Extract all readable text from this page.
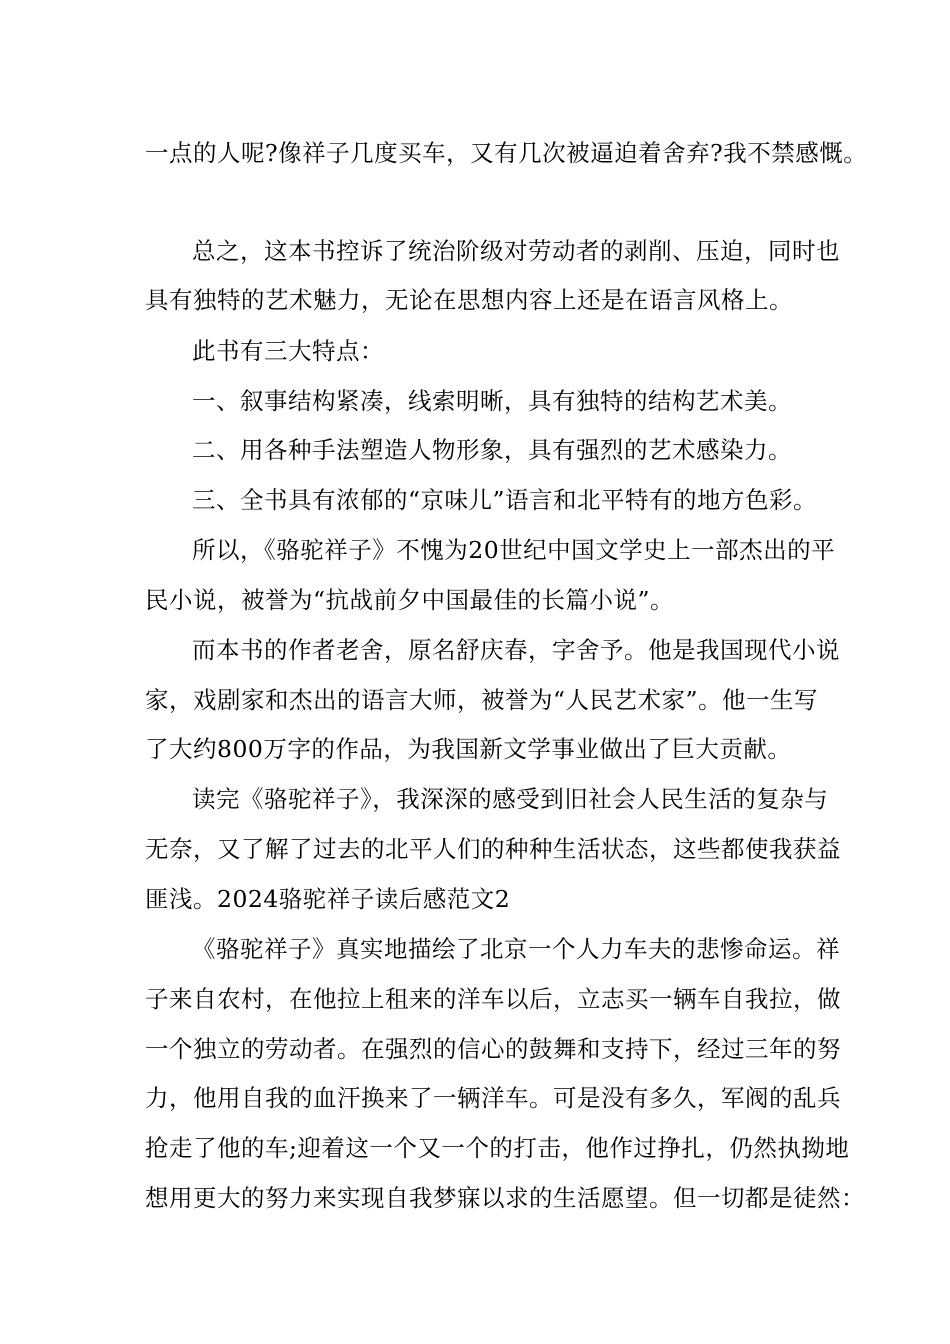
一点的人呢?像祥子几度买车，又有几次被逼迫着舍弃?我不禁感慨。
总之，这本书控诉了统治阶级对劳动者的剥削、压迫，同时也
具有独特的艺术魅力，无论在思想内容上还是在语言风格上。
此书有三大特点：
一、叙事结构紧凑，线索明晰，具有独特的结构艺术美。
二、用各种手法塑造人物形象，具有强烈的艺术感染力。
三、全书具有浓郁的“京味儿”语言和北平特有的地方色彩。
所以，《骆驼祥子》不愧为20世纪中国文学史上一部杰出的平
民小说，被誉为“抗战前夕中国最佳的长篇小说”。
而本书的作者老舍，原名舒庆春，字舍予。他是我国现代小说
家，戏剧家和杰出的语言大师，被誉为“人民艺术家”。他一生写
了大约800万字的作品，为我国新文学事业做出了巨大贡献。
读完《骆驼祥子》，我深深的感受到旧社会人民生活的复杂与
无奈，又了解了过去的北平人们的种种生活状态，这些都使我获益
匪浅。2024骆驼祥子读后感范文2
《骆驼祥子》真实地描绘了北京一个人力车夫的悲惨命运。祥
子来自农村，在他拉上租来的洋车以后，立志买一辆车自我拉，做
一个独立的劳动者。在强烈的信心的鼓舞和支持下，经过三年的努
力，他用自我的血汗换来了一辆洋车。可是没有多久，军阀的乱兵
抢走了他的车;迎着这一个又一个的打击，他作过挣扎，仍然执拗地
想用更大的努力来实现自我梦寐以求的生活愿望。但一切都是徒然：
